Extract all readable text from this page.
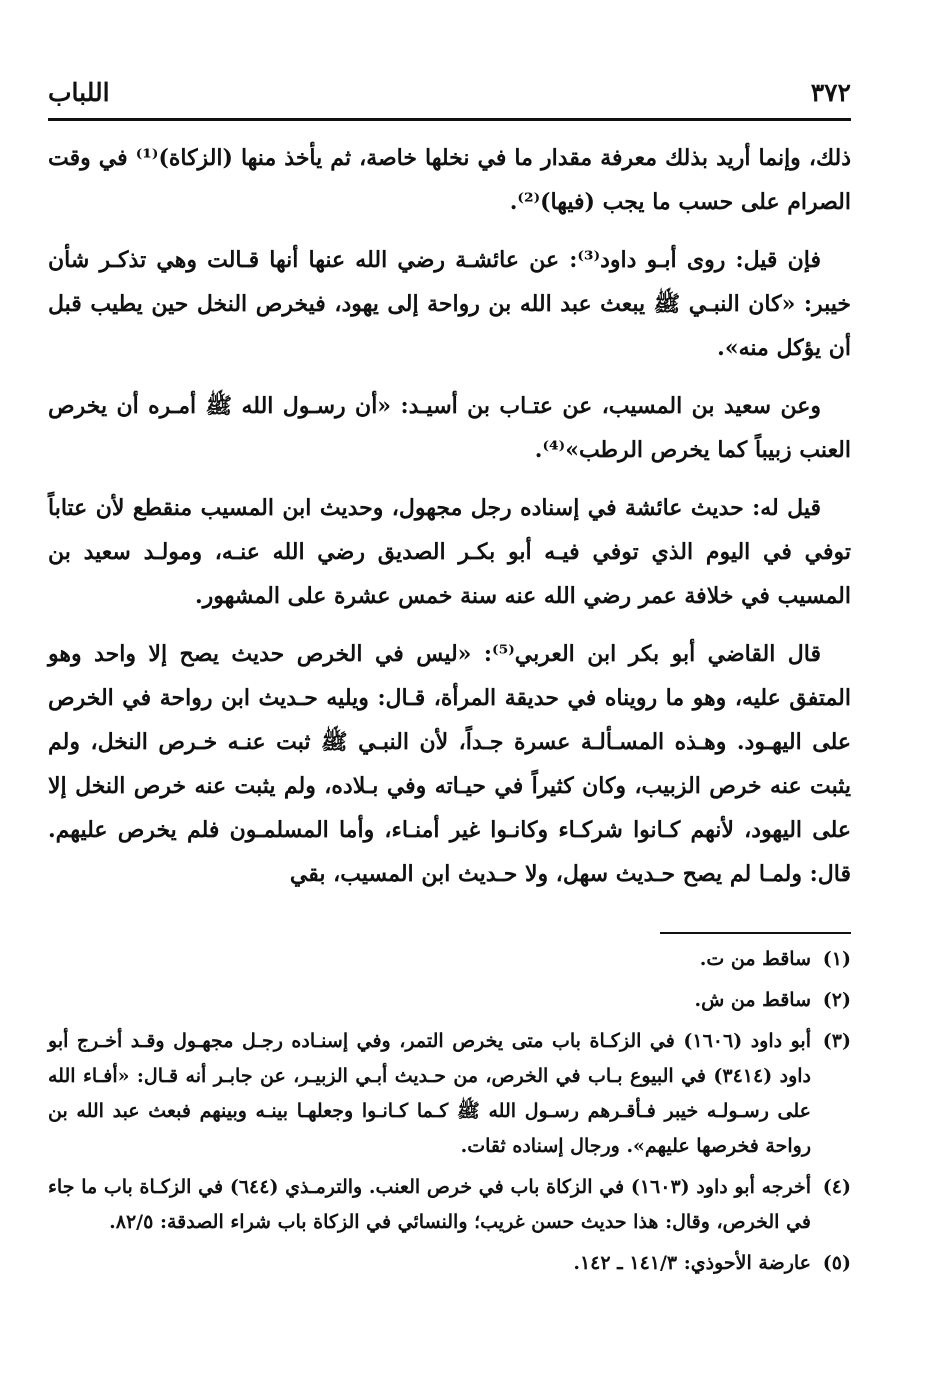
٣٧٢
اللباب

ذلك، وإنما أريد بذلك معرفة مقدار ما في نخلها خاصة، ثم يأخذ منها (الزكاة)⁽¹⁾ في وقت الصرام على حسب ما يجب (فيها)⁽²⁾.

فإن قيل: روى أبـو داود⁽³⁾: عن عائشـة رضي الله عنها أنها قـالت وهي تذكـر شأن خيبر: «كان النبـي ﷺ يبعث عبد الله بن رواحة إلى يهود، فيخرص النخل حين يطيب قبل أن يؤكل منه».

وعن سعيد بن المسيب، عن عتـاب بن أسيـد: «أن رسـول الله ﷺ أمـره أن يخرص العنب زبيباً كما يخرص الرطب»⁽⁴⁾.

قيل له: حديث عائشة في إسناده رجل مجهول، وحديث ابن المسيب منقطع لأن عتاباً توفي في اليوم الذي توفي فيـه أبو بكـر الصديق رضي الله عنـه، ومولـد سعيد بن المسيب في خلافة عمر رضي الله عنه سنة خمس عشرة على المشهور.

قال القاضي أبو بكر ابن العربي⁽⁵⁾: «ليس في الخرص حديث يصح إلا واحد وهو المتفق عليه، وهو ما رويناه في حديقة المرأة، قـال: ويليه حـديث ابن رواحة في الخرص على اليهـود. وهـذه المسـألـة عسرة جـداً، لأن النبـي ﷺ ثبت عنـه خـرص النخل، ولم يثبت عنه خرص الزبيب، وكان كثيراً في حيـاته وفي بـلاده، ولم يثبت عنه خرص النخل إلا على اليهود، لأنهم كـانوا شركـاء وكانـوا غير أمنـاء، وأما المسلمـون فلم يخرص عليهم. قال: ولمـا لم يصح حـديث سهل، ولا حـديث ابن المسيب، بقي

(١)
ساقط من ت.
(٢)
ساقط من ش.
(٣)
أبو داود (١٦٠٦) في الزكـاة باب متى يخرص التمر، وفي إسنـاده رجـل مجهـول وقـد أخـرج أبو داود (٣٤١٤) في البيوع بـاب في الخرص، من حـديث أبـي الزبيـر، عن جابـر أنه قـال: «أفـاء الله على رسـولـه خيبر فـأقـرهم رسـول الله ﷺ كـما كـانـوا وجعلهـا بينـه وبينهم فبعث عبد الله بن رواحة فخرصها عليهم». ورجال إسناده ثقات.
(٤)
أخرجه أبو داود (١٦٠٣) في الزكاة باب في خرص العنب. والترمـذي (٦٤٤) في الزكـاة باب ما جاء في الخرص، وقال: هذا حديث حسن غريب؛ والنسائي في الزكاة باب شراء الصدقة: ٨٢/٥.
(٥)
عارضة الأحوذي: ١٤١/٣ ـ ١٤٢.
